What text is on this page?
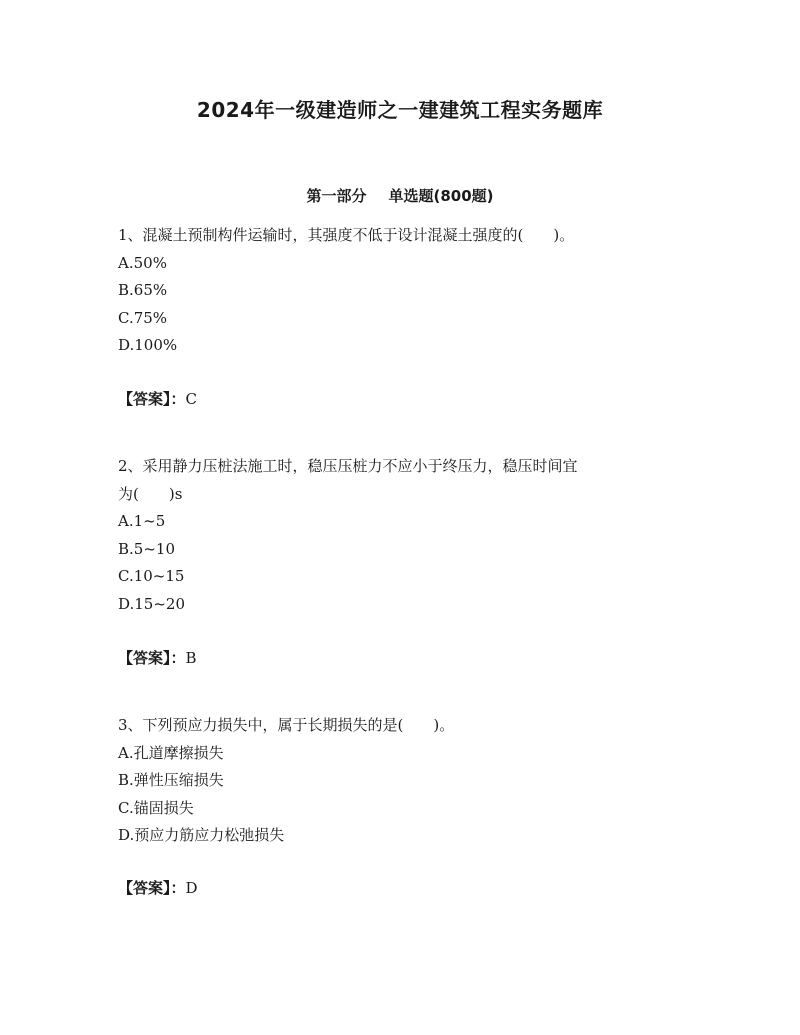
2024年一级建造师之一建建筑工程实务题库
第一部分 单选题(800题)
1、混凝土预制构件运输时，其强度不低于设计混凝土强度的(　　)。
A.50%
B.65%
C.75%
D.100%
【答案】：C
2、采用静力压桩法施工时，稳压压桩力不应小于终压力，稳压时间宜
为(　　)s
A.1~5
B.5~10
C.10~15
D.15~20
【答案】：B
3、下列预应力损失中，属于长期损失的是(　　)。
A.孔道摩擦损失
B.弹性压缩损失
C.锚固损失
D.预应力筋应力松弛损失
【答案】：D
